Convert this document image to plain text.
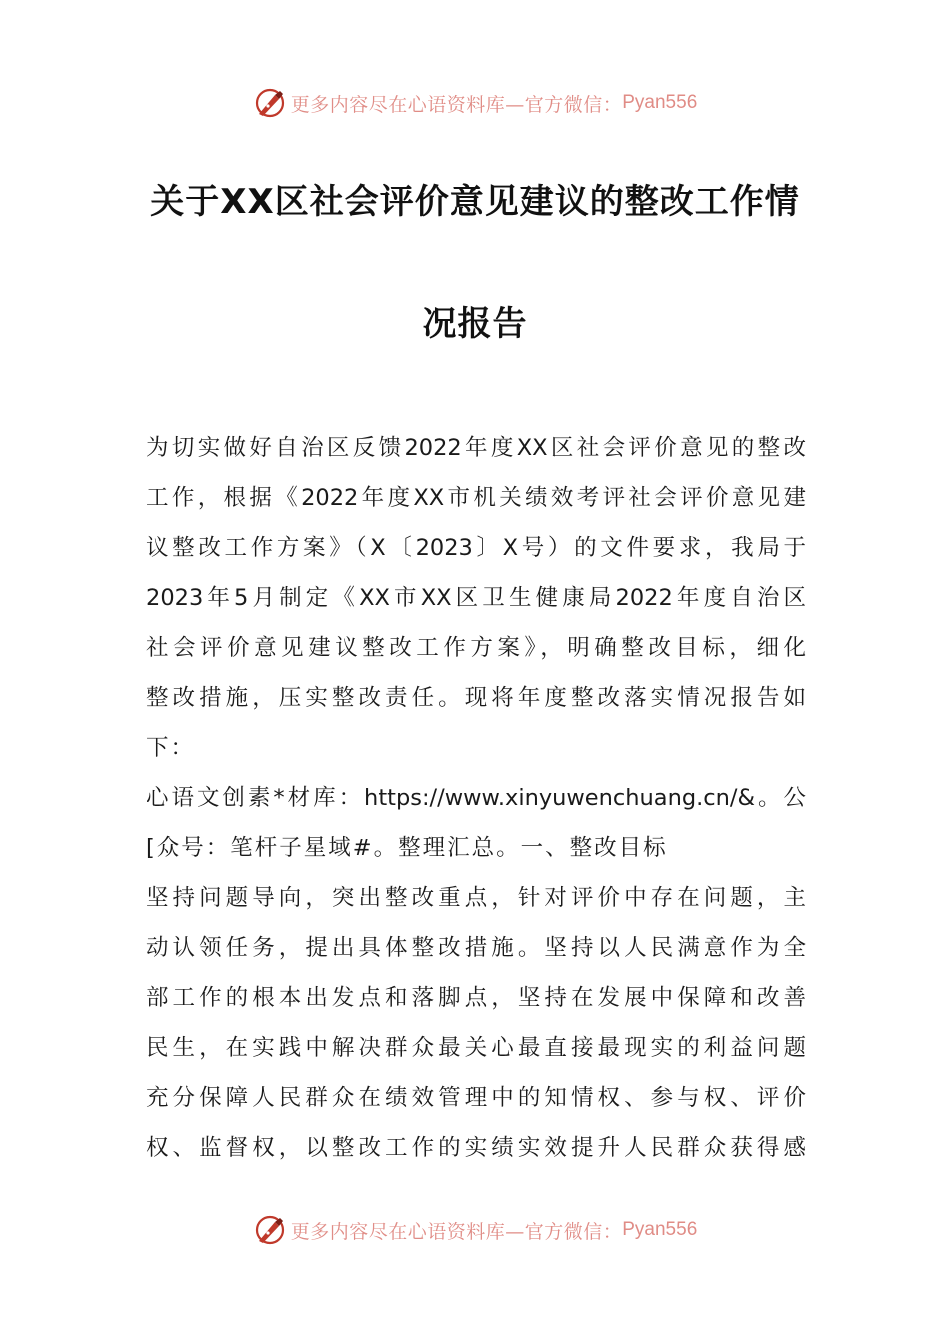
更多内容尽在心语资料库—官方微信： Pyan556
关于XX区社会评价意见建议的整改工作情
况报告
为切实做好自治区反馈2022年度XX区社会评价意见的整改
工作，根据《2022年度XX市机关绩效考评社会评价意见建
议整改工作方案》（X〔2023〕X号）的文件要求，我局于
2023年5月制定《XX市XX区卫生健康局2022年度自治区
社会评价意见建议整改工作方案》，明确整改目标，细化
整改措施，压实整改责任。现将年度整改落实情况报告如
下：
心语文创素*材库：https://www.xinyuwenchuang.cn/&。公
[众号：笔杆子星域#。整理汇总。一、整改目标
坚持问题导向，突出整改重点，针对评价中存在问题，主
动认领任务，提出具体整改措施。坚持以人民满意作为全
部工作的根本出发点和落脚点，坚持在发展中保障和改善
民生，在实践中解决群众最关心最直接最现实的利益问题
充分保障人民群众在绩效管理中的知情权、参与权、评价
权、监督权，以整改工作的实绩实效提升人民群众获得感
更多内容尽在心语资料库—官方微信： Pyan556
